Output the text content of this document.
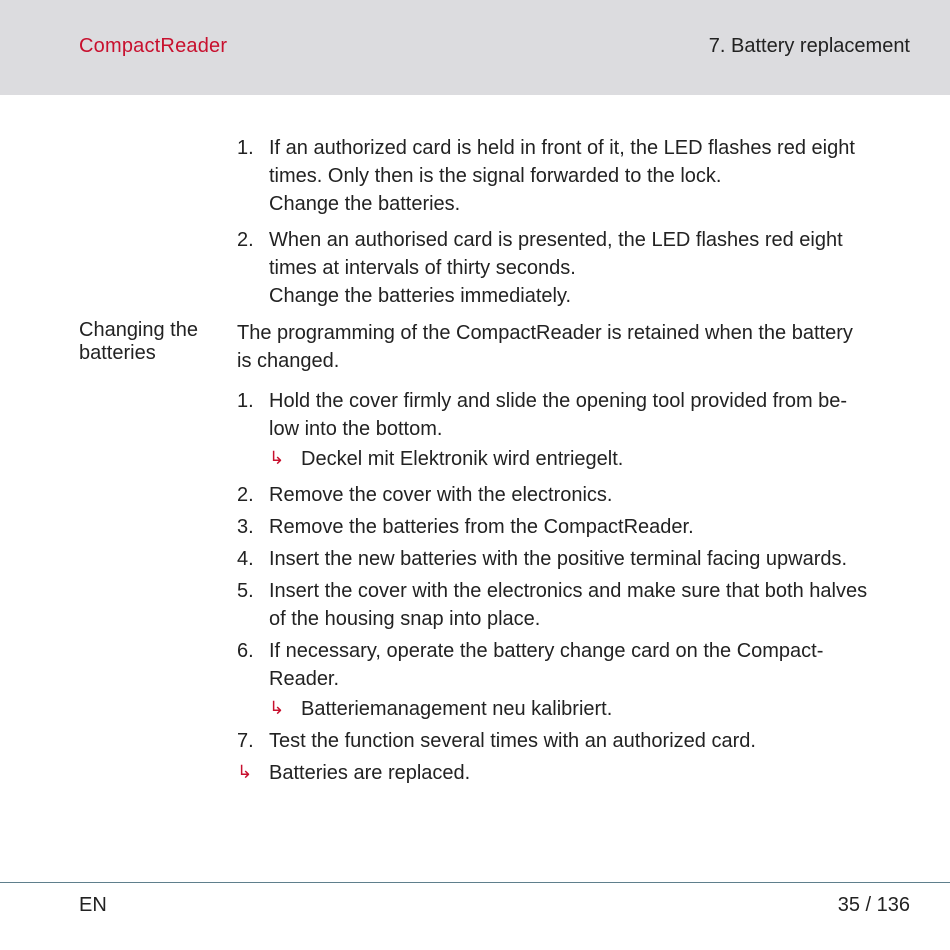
CompactReader	7. Battery replacement
1. If an authorized card is held in front of it, the LED flashes red eight
times. Only then is the signal forwarded to the lock.
Change the batteries.
2. When an authorised card is presented, the LED flashes red eight
times at intervals of thirty seconds.
Change the batteries immediately.
Changing the
batteries
The programming of the CompactReader is retained when the battery
is changed.
1. Hold the cover firmly and slide the opening tool provided from be-
low into the bottom.
↳ Deckel mit Elektronik wird entriegelt.
2. Remove the cover with the electronics.
3. Remove the batteries from the CompactReader.
4. Insert the new batteries with the positive terminal facing upwards.
5. Insert the cover with the electronics and make sure that both halves
of the housing snap into place.
6. If necessary, operate the battery change card on the Compact-
Reader.
↳ Batteriemanagement neu kalibriert.
7. Test the function several times with an authorized card.
↳ Batteries are replaced.
EN	35 / 136
